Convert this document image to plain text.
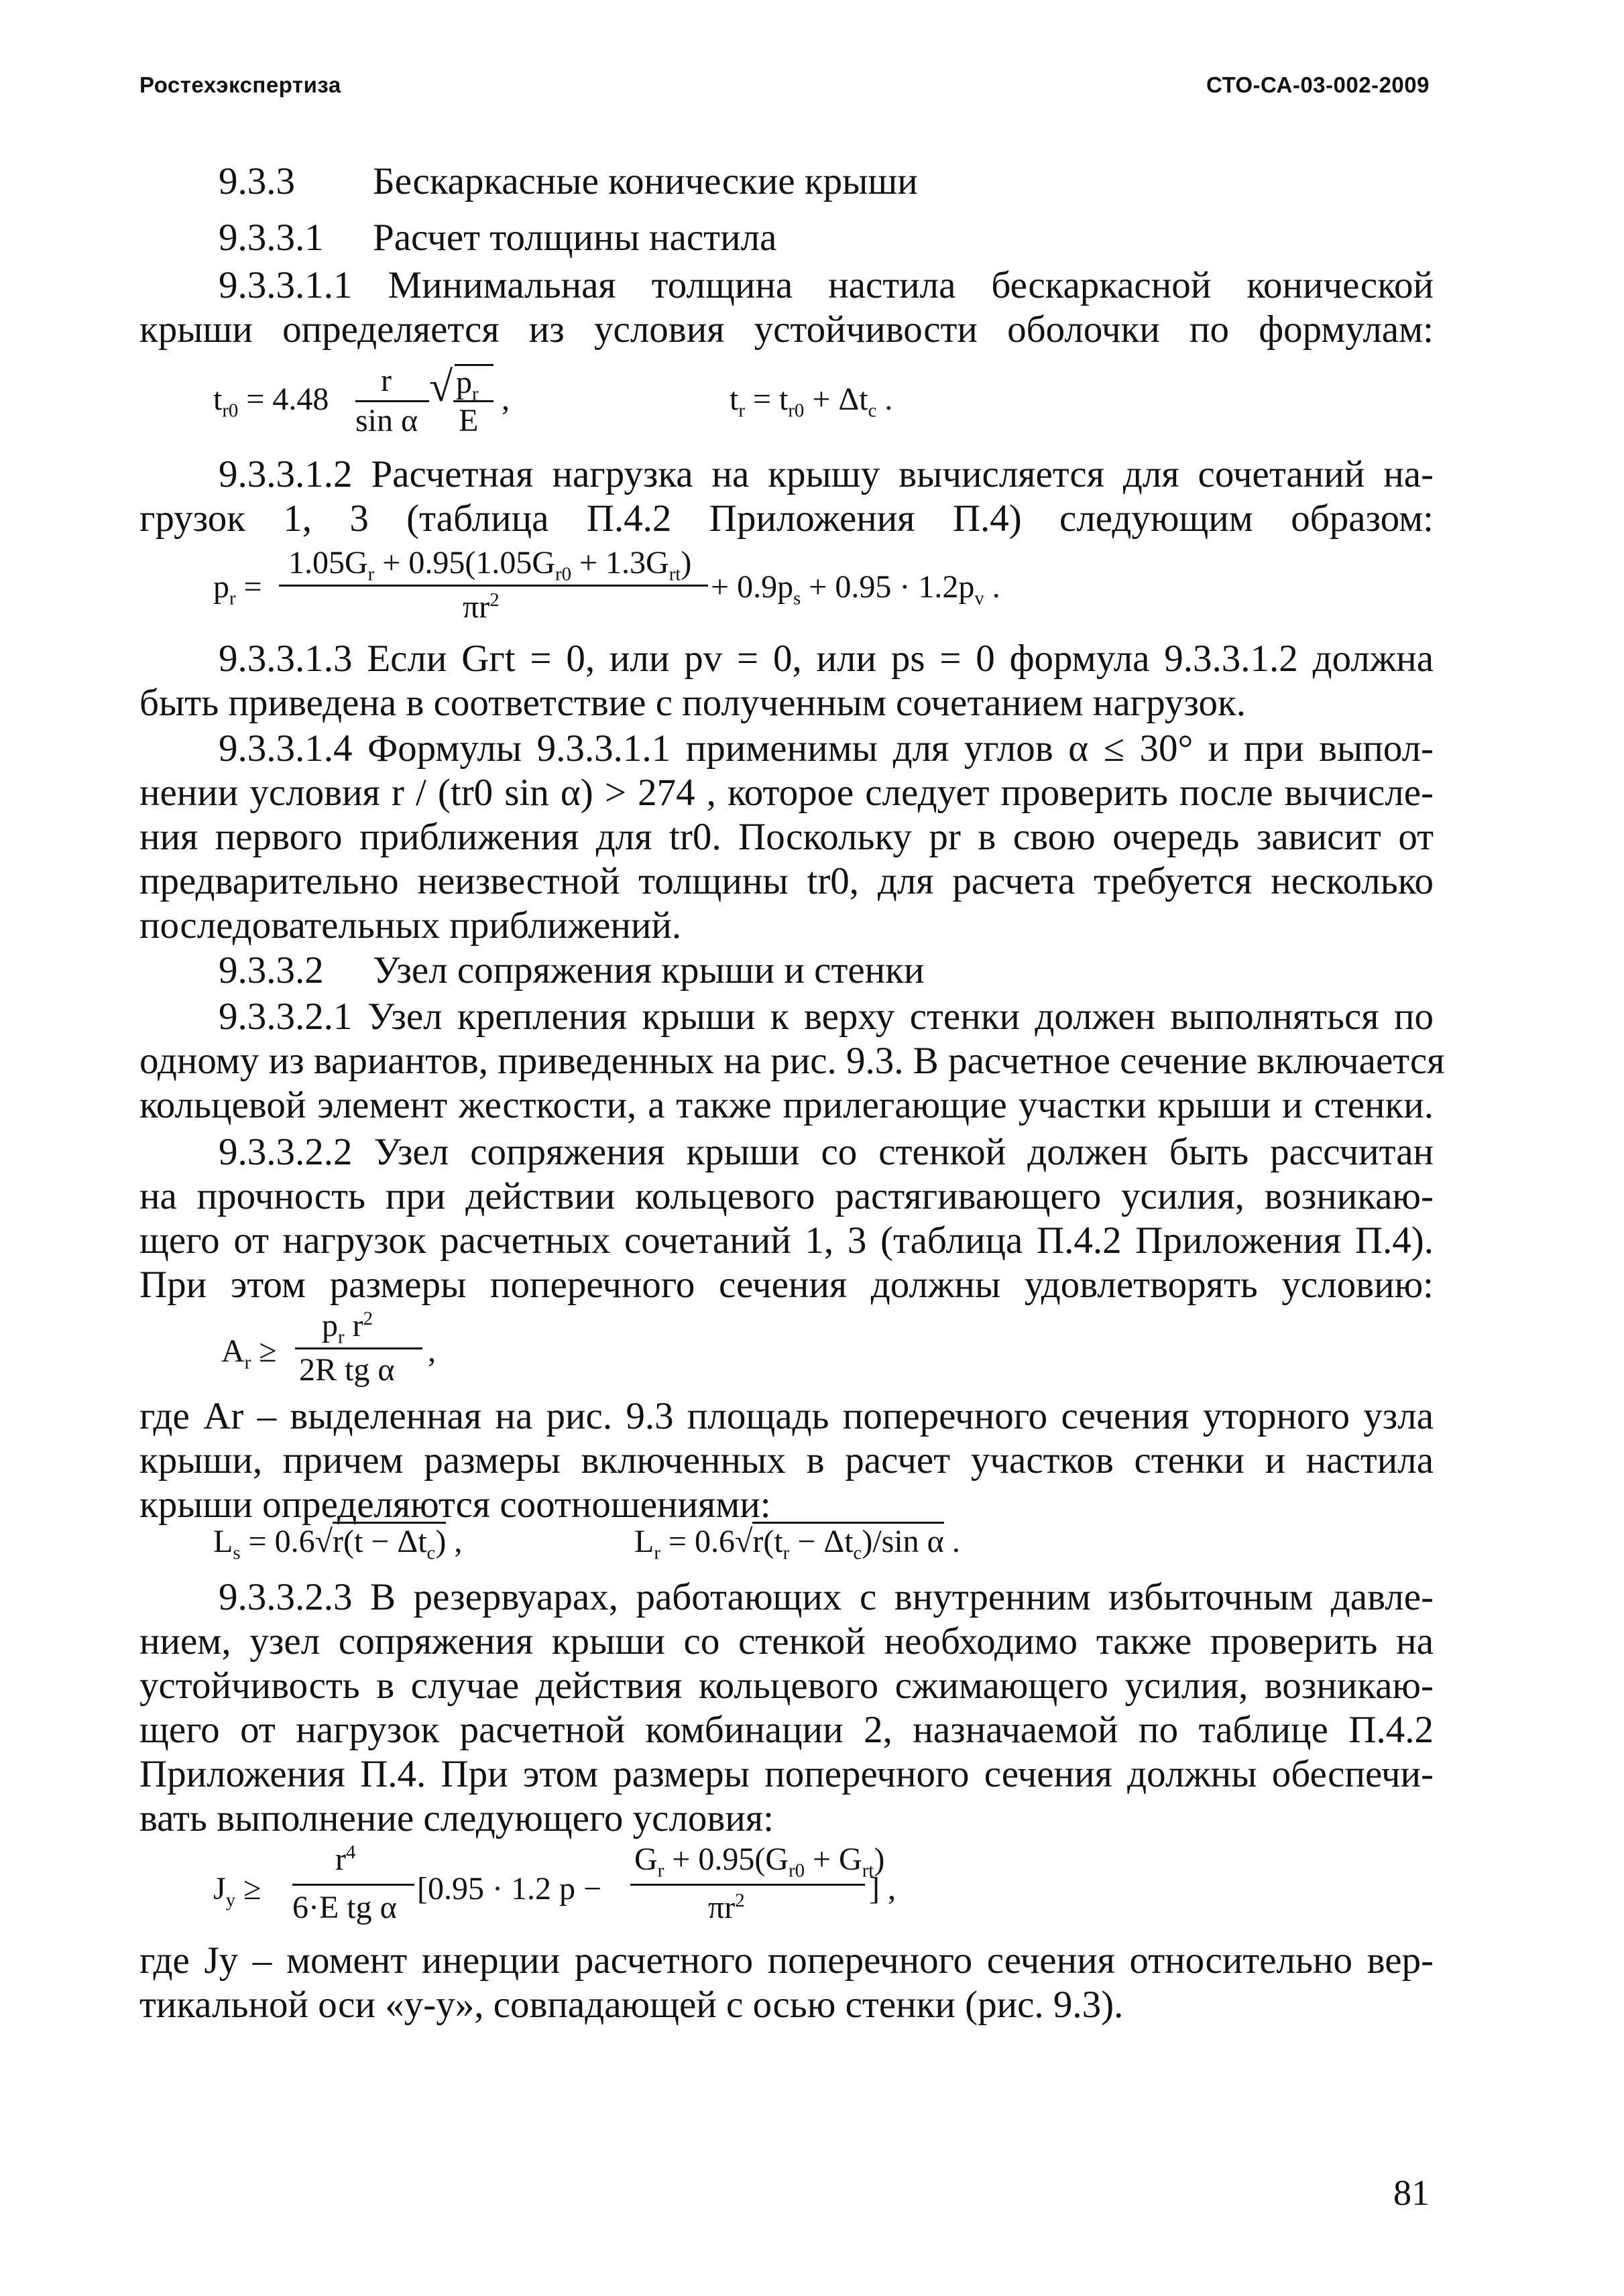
Ростехэкспертиза	СТО-СА-03-002-2009
9.3.3 Бескаркасные конические крыши
9.3.3.1 Расчет толщины настила
9.3.3.1.1 Минимальная толщина настила бескаркасной конической
крыши определяется из условия устойчивости оболочки по формулам:
$t_{r0} = 4.48$
r
sin α
√ $p_r$
E
,	$t_r = t_{r0} + \Delta t_c$ .
9.3.3.1.2 Расчетная нагрузка на крышу вычисляется для сочетаний на-
грузок 1, 3 (таблица П.4.2 Приложения П.4) следующим образом:
$p_r$ =
$1.05G_r + 0.95(1.05G_{r0} + 1.3G_{rt})$
$\pi r^2$	+ $0.9p_s + 0.95 \cdot 1.2p_v$ .
9.3.3.1.3 Если Gгt = 0, или pv = 0, или ps = 0 формула 9.3.3.1.2 должна
быть приведена в соответствие с полученным сочетанием нагрузок.
9.3.3.1.4 Формулы 9.3.3.1.1 применимы для углов α ≤ 30° и при выпол-
нении условия r / (tr0 sin α) > 274 , которое следует проверить после вычисле-
ния первого приближения для tr0. Поскольку pr в свою очередь зависит от
предварительно неизвестной толщины tr0, для расчета требуется несколько
последовательных приближений.
9.3.3.2 Узел сопряжения крыши и стенки
9.3.3.2.1 Узел крепления крыши к верху стенки должен выполняться по
одному из вариантов, приведенных на рис. 9.3. В расчетное сечение включается
кольцевой элемент жесткости, а также прилегающие участки крыши и стенки.
9.3.3.2.2 Узел сопряжения крыши со стенкой должен быть рассчитан
на прочность при действии кольцевого растягивающего усилия, возникаю-
щего от нагрузок расчетных сочетаний 1, 3 (таблица П.4.2 Приложения П.4).
При этом размеры поперечного сечения должны удовлетворять условию:
$A_r$ ≥
$p_r$ $r^2$
2R tg α
,
где Ar – выделенная на рис. 9.3 площадь поперечного сечения уторного узла
крыши, причем размеры включенных в расчет участков стенки и настила
крыши определяются соотношениями:
$L_s = 0.6√r(t - \Delta t_c)$ ,	$L_r = 0.6√r(t_r - \Delta t_c)/\sin$ α .
9.3.3.2.3 В резервуарах, работающих с внутренним избыточным давле-
нием, узел сопряжения крыши со стенкой необходимо также проверить на
устойчивость в случае действия кольцевого сжимающего усилия, возникаю-
щего от нагрузок расчетной комбинации 2, назначаемой по таблице П.4.2
Приложения П.4. При этом размеры поперечного сечения должны обеспечи-
вать выполнение следующего условия:
$J_y$ ≥
$r^4$
6·E tg α
[0.95 · 1.2 p −
$G_r + 0.95(G_{r0} + G_{rt})$
$\pi r^2$	] ,
где Jy – момент инерции расчетного поперечного сечения относительно вер-
тикальной оси «y-y», совпадающей с осью стенки (рис. 9.3).
81
